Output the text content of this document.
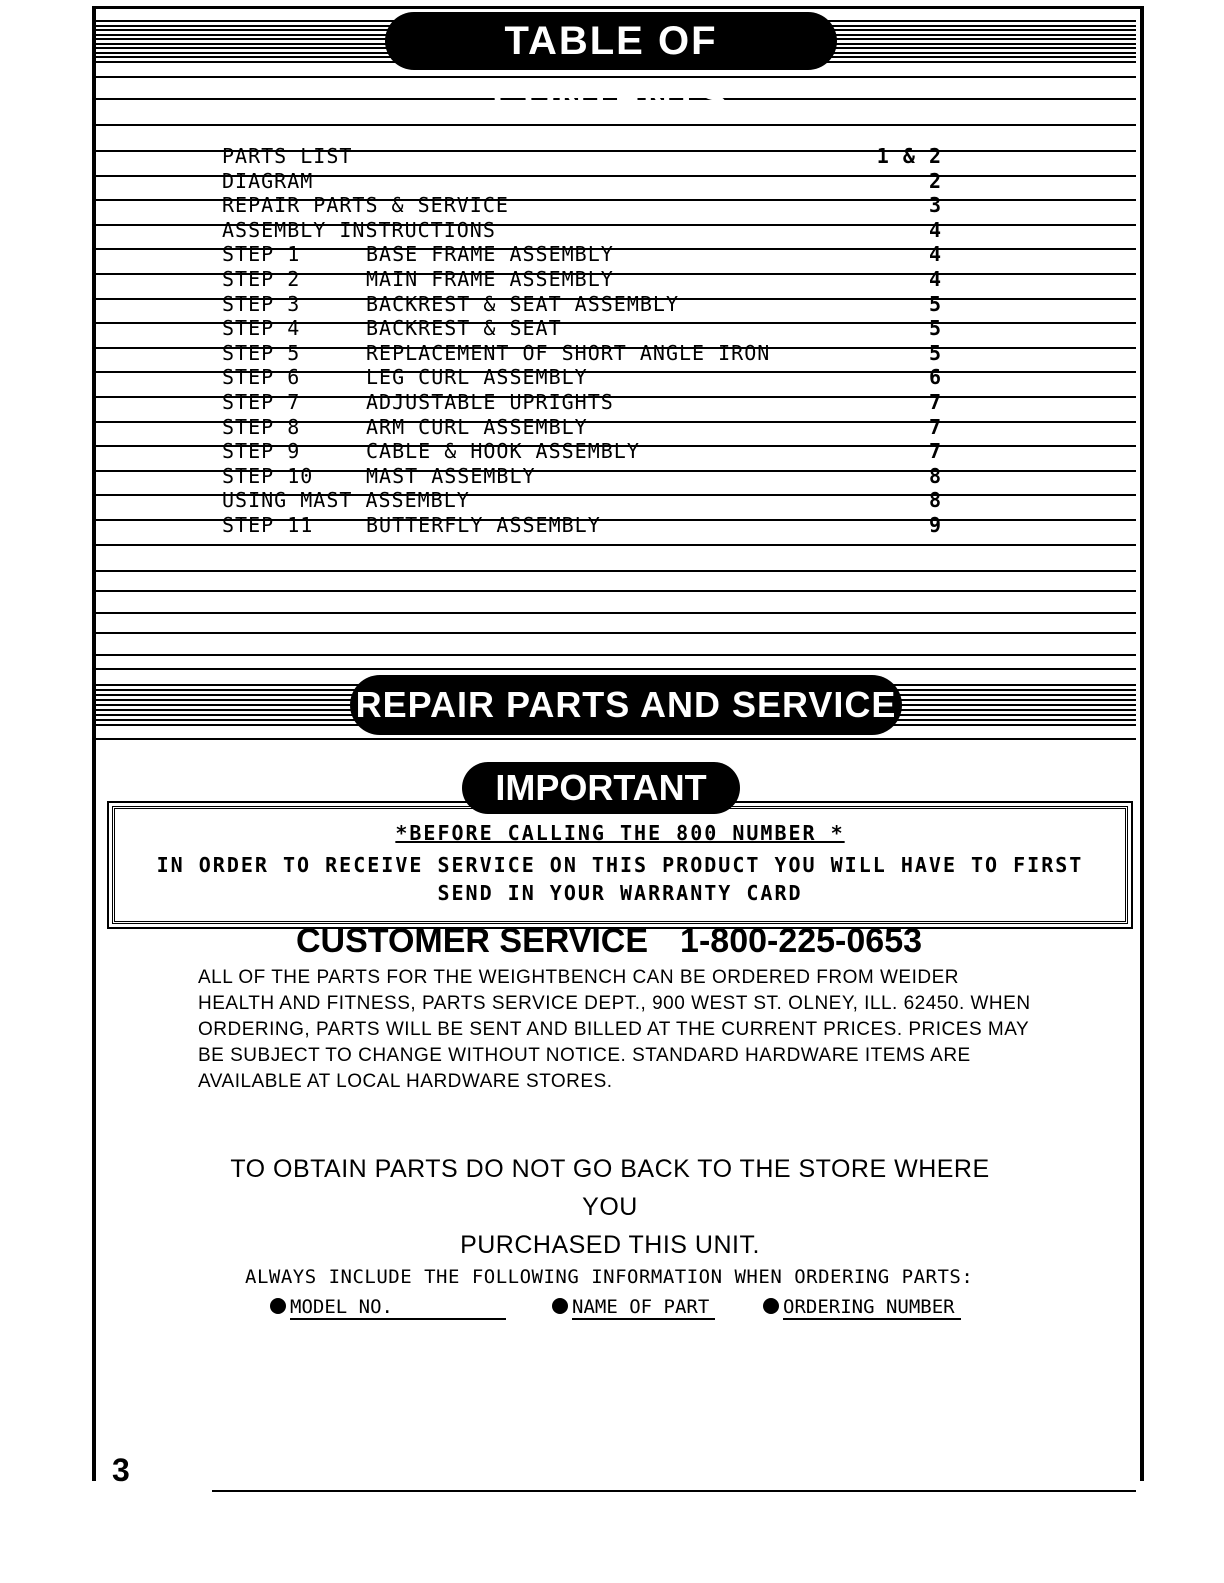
TABLE OF CONTENTS
PARTS LIST	1 & 2
DIAGRAM	2
REPAIR PARTS & SERVICE	3
ASSEMBLY INSTRUCTIONS	4
STEP 1	BASE FRAME ASSEMBLY	4
STEP 2	MAIN FRAME ASSEMBLY	4
STEP 3	BACKREST & SEAT ASSEMBLY	5
STEP 4	BACKREST & SEAT	5
STEP 5	REPLACEMENT OF SHORT ANGLE IRON	5
STEP 6	LEG CURL ASSEMBLY	6
STEP 7	ADJUSTABLE UPRIGHTS	7
STEP 8	ARM CURL ASSEMBLY	7
STEP 9	CABLE & HOOK ASSEMBLY	7
STEP 10	MAST ASSEMBLY	8
USING MAST ASSEMBLY	8
STEP 11	BUTTERFLY ASSEMBLY	9
REPAIR PARTS AND SERVICE
IMPORTANT
*BEFORE CALLING THE 800 NUMBER *
IN ORDER TO RECEIVE SERVICE ON THIS PRODUCT YOU WILL HAVE TO FIRST
SEND IN YOUR WARRANTY CARD
CUSTOMER SERVICE 1-800-225-0653
ALL OF THE PARTS FOR THE WEIGHTBENCH CAN BE ORDERED FROM WEIDER HEALTH AND FITNESS, PARTS SERVICE DEPT., 900 WEST ST. OLNEY, ILL. 62450. WHEN ORDERING, PARTS WILL BE SENT AND BILLED AT THE CURRENT PRICES. PRICES MAY BE SUBJECT TO CHANGE WITHOUT NOTICE. STANDARD HARDWARE ITEMS ARE AVAILABLE AT LOCAL HARDWARE STORES.
TO OBTAIN PARTS DO NOT GO BACK TO THE STORE WHERE YOU
PURCHASED THIS UNIT.
ALWAYS INCLUDE THE FOLLOWING INFORMATION WHEN ORDERING PARTS:
MODEL NO.	NAME OF PART	ORDERING NUMBER
3
